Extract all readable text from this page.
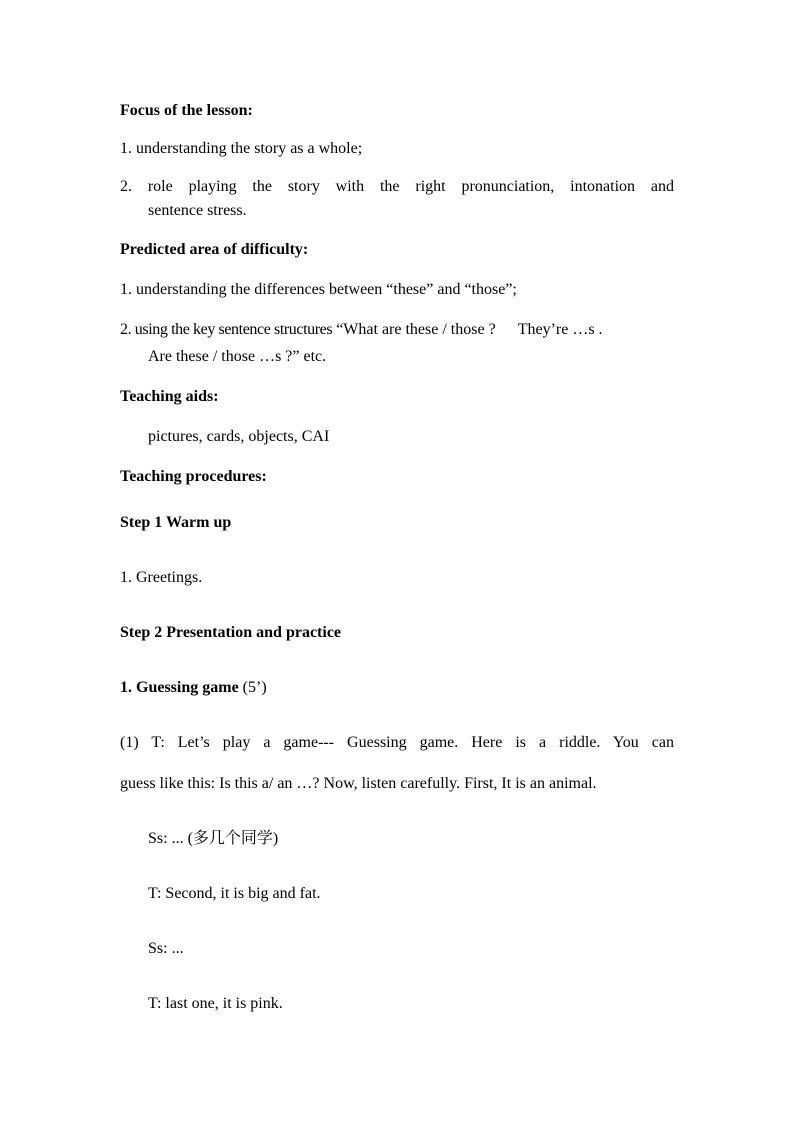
Focus of the lesson:
1. understanding the story as a whole;
2. role playing the story with the right pronunciation, intonation and
sentence stress.
Predicted area of difficulty:
1. understanding the differences between “these” and “those”;
2. using the key sentence structures “What are these / those ? They’re …s .
Are these / those …s ?” etc.
Teaching aids:
pictures, cards, objects, CAI
Teaching procedures:
Step 1 Warm up
1. Greetings.
Step 2 Presentation and practice
1. Guessing game (5’)
(1) T: Let’s play a game--- Guessing game. Here is a riddle. You can
guess like this: Is this a/ an …? Now, listen carefully. First, It is an animal.
Ss: ... (多几个同学)
T: Second, it is big and fat.
Ss: ...
T: last one, it is pink.
